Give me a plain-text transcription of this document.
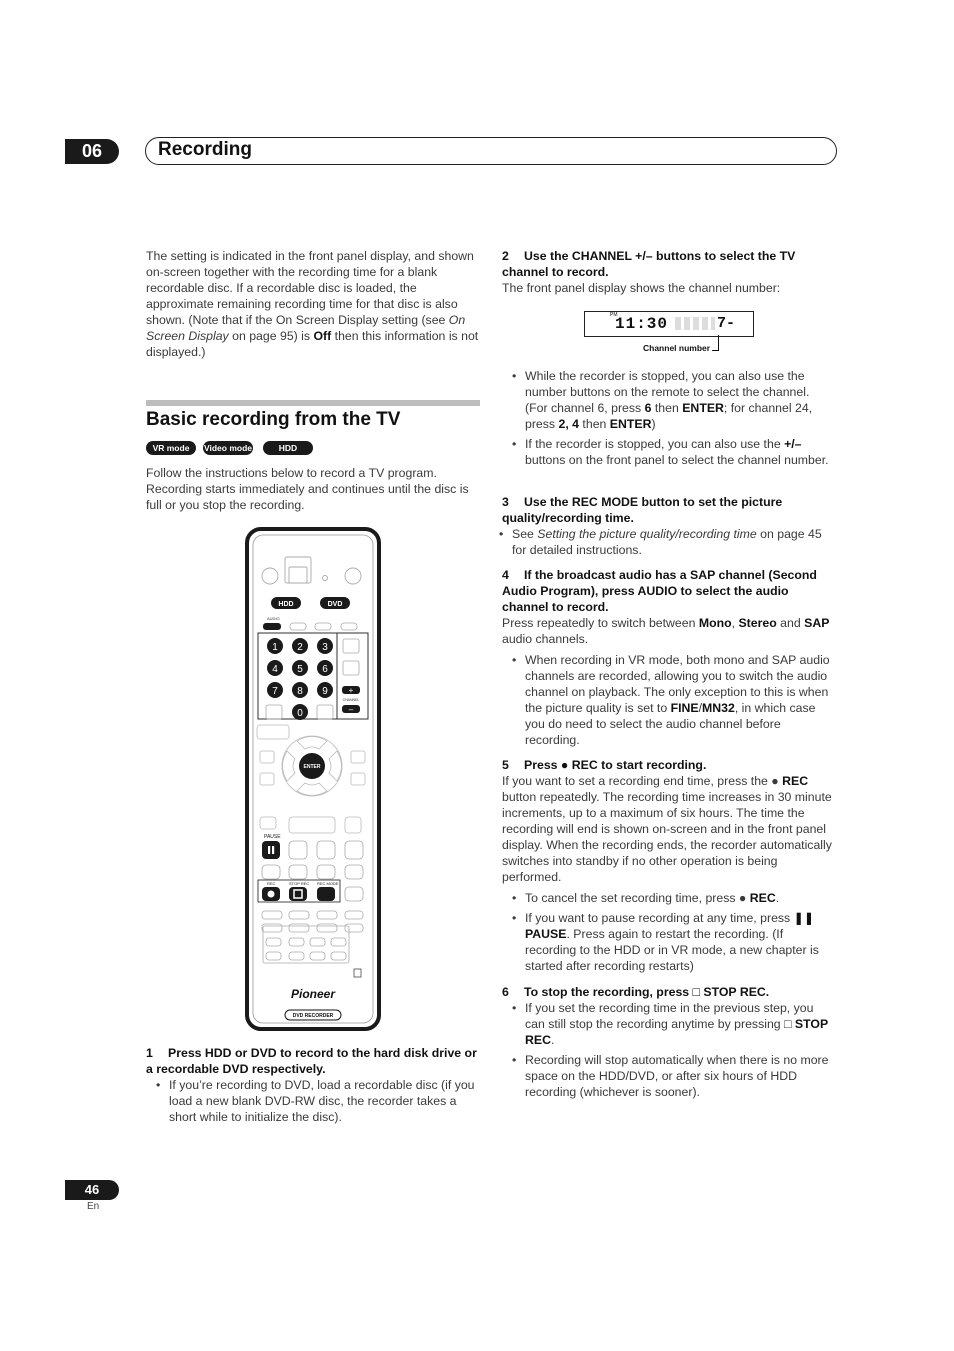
06	Recording
The setting is indicated in the front panel display, and shown on-screen together with the recording time for a blank recordable disc. If a recordable disc is loaded, the approximate remaining recording time for that disc is also shown. (Note that if the On Screen Display setting (see On Screen Display on page 95) is Off then this information is not displayed.)
Basic recording from the TV
VR mode	Video mode	HDD
Follow the instructions below to record a TV program. Recording starts immediately and continues until the disc is full or you stop the recording.
HDD	DVD
AUDIO
1 2 3
4 5 6
7 8 9
0
+
CHANNEL
–
ENTER
PAUSE
REC	STOP REC REC MODE
Pioneer
DVD RECORDER
1 Press HDD or DVD to record to the hard disk drive or a recordable DVD respectively.
• If you’re recording to DVD, load a recordable disc (if you load a new blank DVD-RW disc, the recorder takes a short while to initialize the disc).
2 Use the CHANNEL +/– buttons to select the TV channel to record.
The front panel display shows the channel number:
PM
11:30	7-
Channel number
• While the recorder is stopped, you can also use the number buttons on the remote to select the channel. (For channel 6, press 6 then ENTER; for channel 24, press 2, 4 then ENTER)
• If the recorder is stopped, you can also use the +/– buttons on the front panel to select the channel number.
3 Use the REC MODE button to set the picture quality/recording time.
• See Setting the picture quality/recording time on page 45 for detailed instructions.
4 If the broadcast audio has a SAP channel (Second Audio Program), press AUDIO to select the audio channel to record.
Press repeatedly to switch between Mono, Stereo and SAP audio channels.
• When recording in VR mode, both mono and SAP audio channels are recorded, allowing you to switch the audio channel on playback. The only exception to this is when the picture quality is set to FINE/MN32, in which case you do need to select the audio channel before recording.
5 Press ● REC to start recording.
If you want to set a recording end time, press the ● REC button repeatedly. The recording time increases in 30 minute increments, up to a maximum of six hours. The time the recording will end is shown on-screen and in the front panel display. When the recording ends, the recorder automatically switches into standby if no other operation is being performed.
• To cancel the set recording time, press ● REC.
• If you want to pause recording at any time, press ❚❚ PAUSE. Press again to restart the recording. (If recording to the HDD or in VR mode, a new chapter is started after recording restarts)
6 To stop the recording, press □ STOP REC.
• If you set the recording time in the previous step, you can still stop the recording anytime by pressing □ STOP REC.
• Recording will stop automatically when there is no more space on the HDD/DVD, or after six hours of HDD recording (whichever is sooner).
46
En
